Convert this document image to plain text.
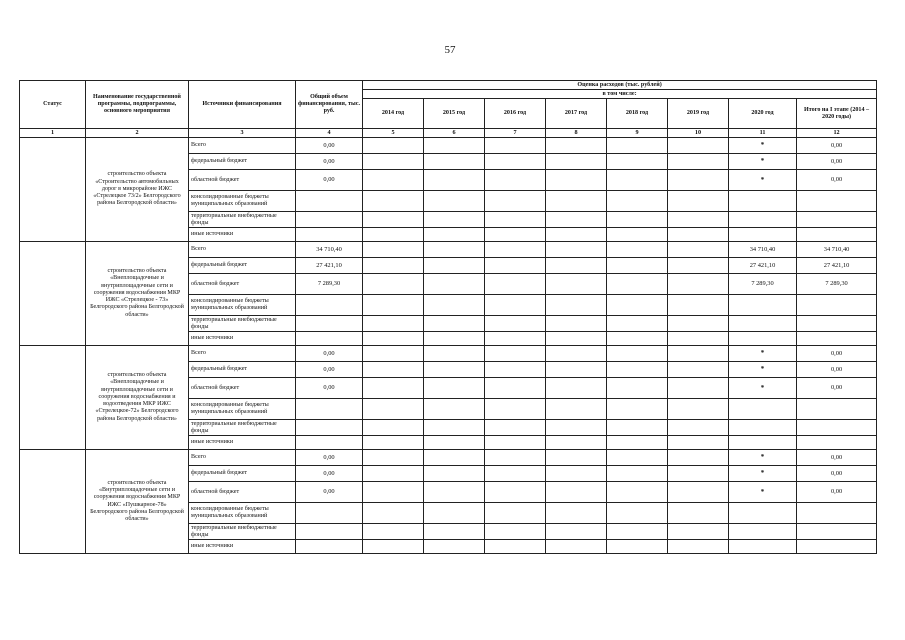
57
Статус	Наименование государственной программы, подпрограммы, основного мероприятия	Источники финансирования	Общий объем финансирования, тыс. руб.	Оценка расходов (тыс. рублей)							
				в том числе:							
				2014 год	2015 год	2016 год	2017 год	2018 год	2019 год	2020 год	Итого на I этапе (2014 – 2020 годы)
1	2	3	4	5	6	7	8	9	10	11	12
	строительство объекта «Строительство автомобильных дорог в микрорайоне ИЖС «Стрелецкое 73/2» Белгородского района Белгородской области»	Всего	0,00							*	0,00
		федеральный бюджет	0,00							*	0,00
		областной бюджет	0,00							*	0,00
		консолидированные бюджеты муниципальных образований									
		территориальные внебюджетные фонды									
		иные источники									
	строительство объекта «Внеплощадочные и внутриплощадочные сети и сооружения водоснабжения МКР ИЖС «Стрелецкое - 73» Белгородского района Белгородской области»	Всего	34 710,40							34 710,40	34 710,40
		федеральный бюджет	27 421,10							27 421,10	27 421,10
		областной бюджет	7 289,30							7 289,30	7 289,30
		консолидированные бюджеты муниципальных образований									
		территориальные внебюджетные фонды									
		иные источники									
	строительство объекта «Внеплощадочные и внутриплощадочные сети и сооружения водоснабжения и водоотведения МКР ИЖС «Стрелецкое-72» Белгородского района Белгородской области»	Всего	0,00							*	0,00
		федеральный бюджет	0,00							*	0,00
		областной бюджет	0,00							*	0,00
		консолидированные бюджеты муниципальных образований									
		территориальные внебюджетные фонды									
		иные источники									
	строительство объекта «Внутриплощадочные сети и сооружения водоснабжения МКР ИЖС «Пушкарное-78» Белгородского района Белгородской области»	Всего	0,00							*	0,00
		федеральный бюджет	0,00							*	0,00
		областной бюджет	0,00							*	0,00
		консолидированные бюджеты муниципальных образований									
		территориальные внебюджетные фонды									
		иные источники									
